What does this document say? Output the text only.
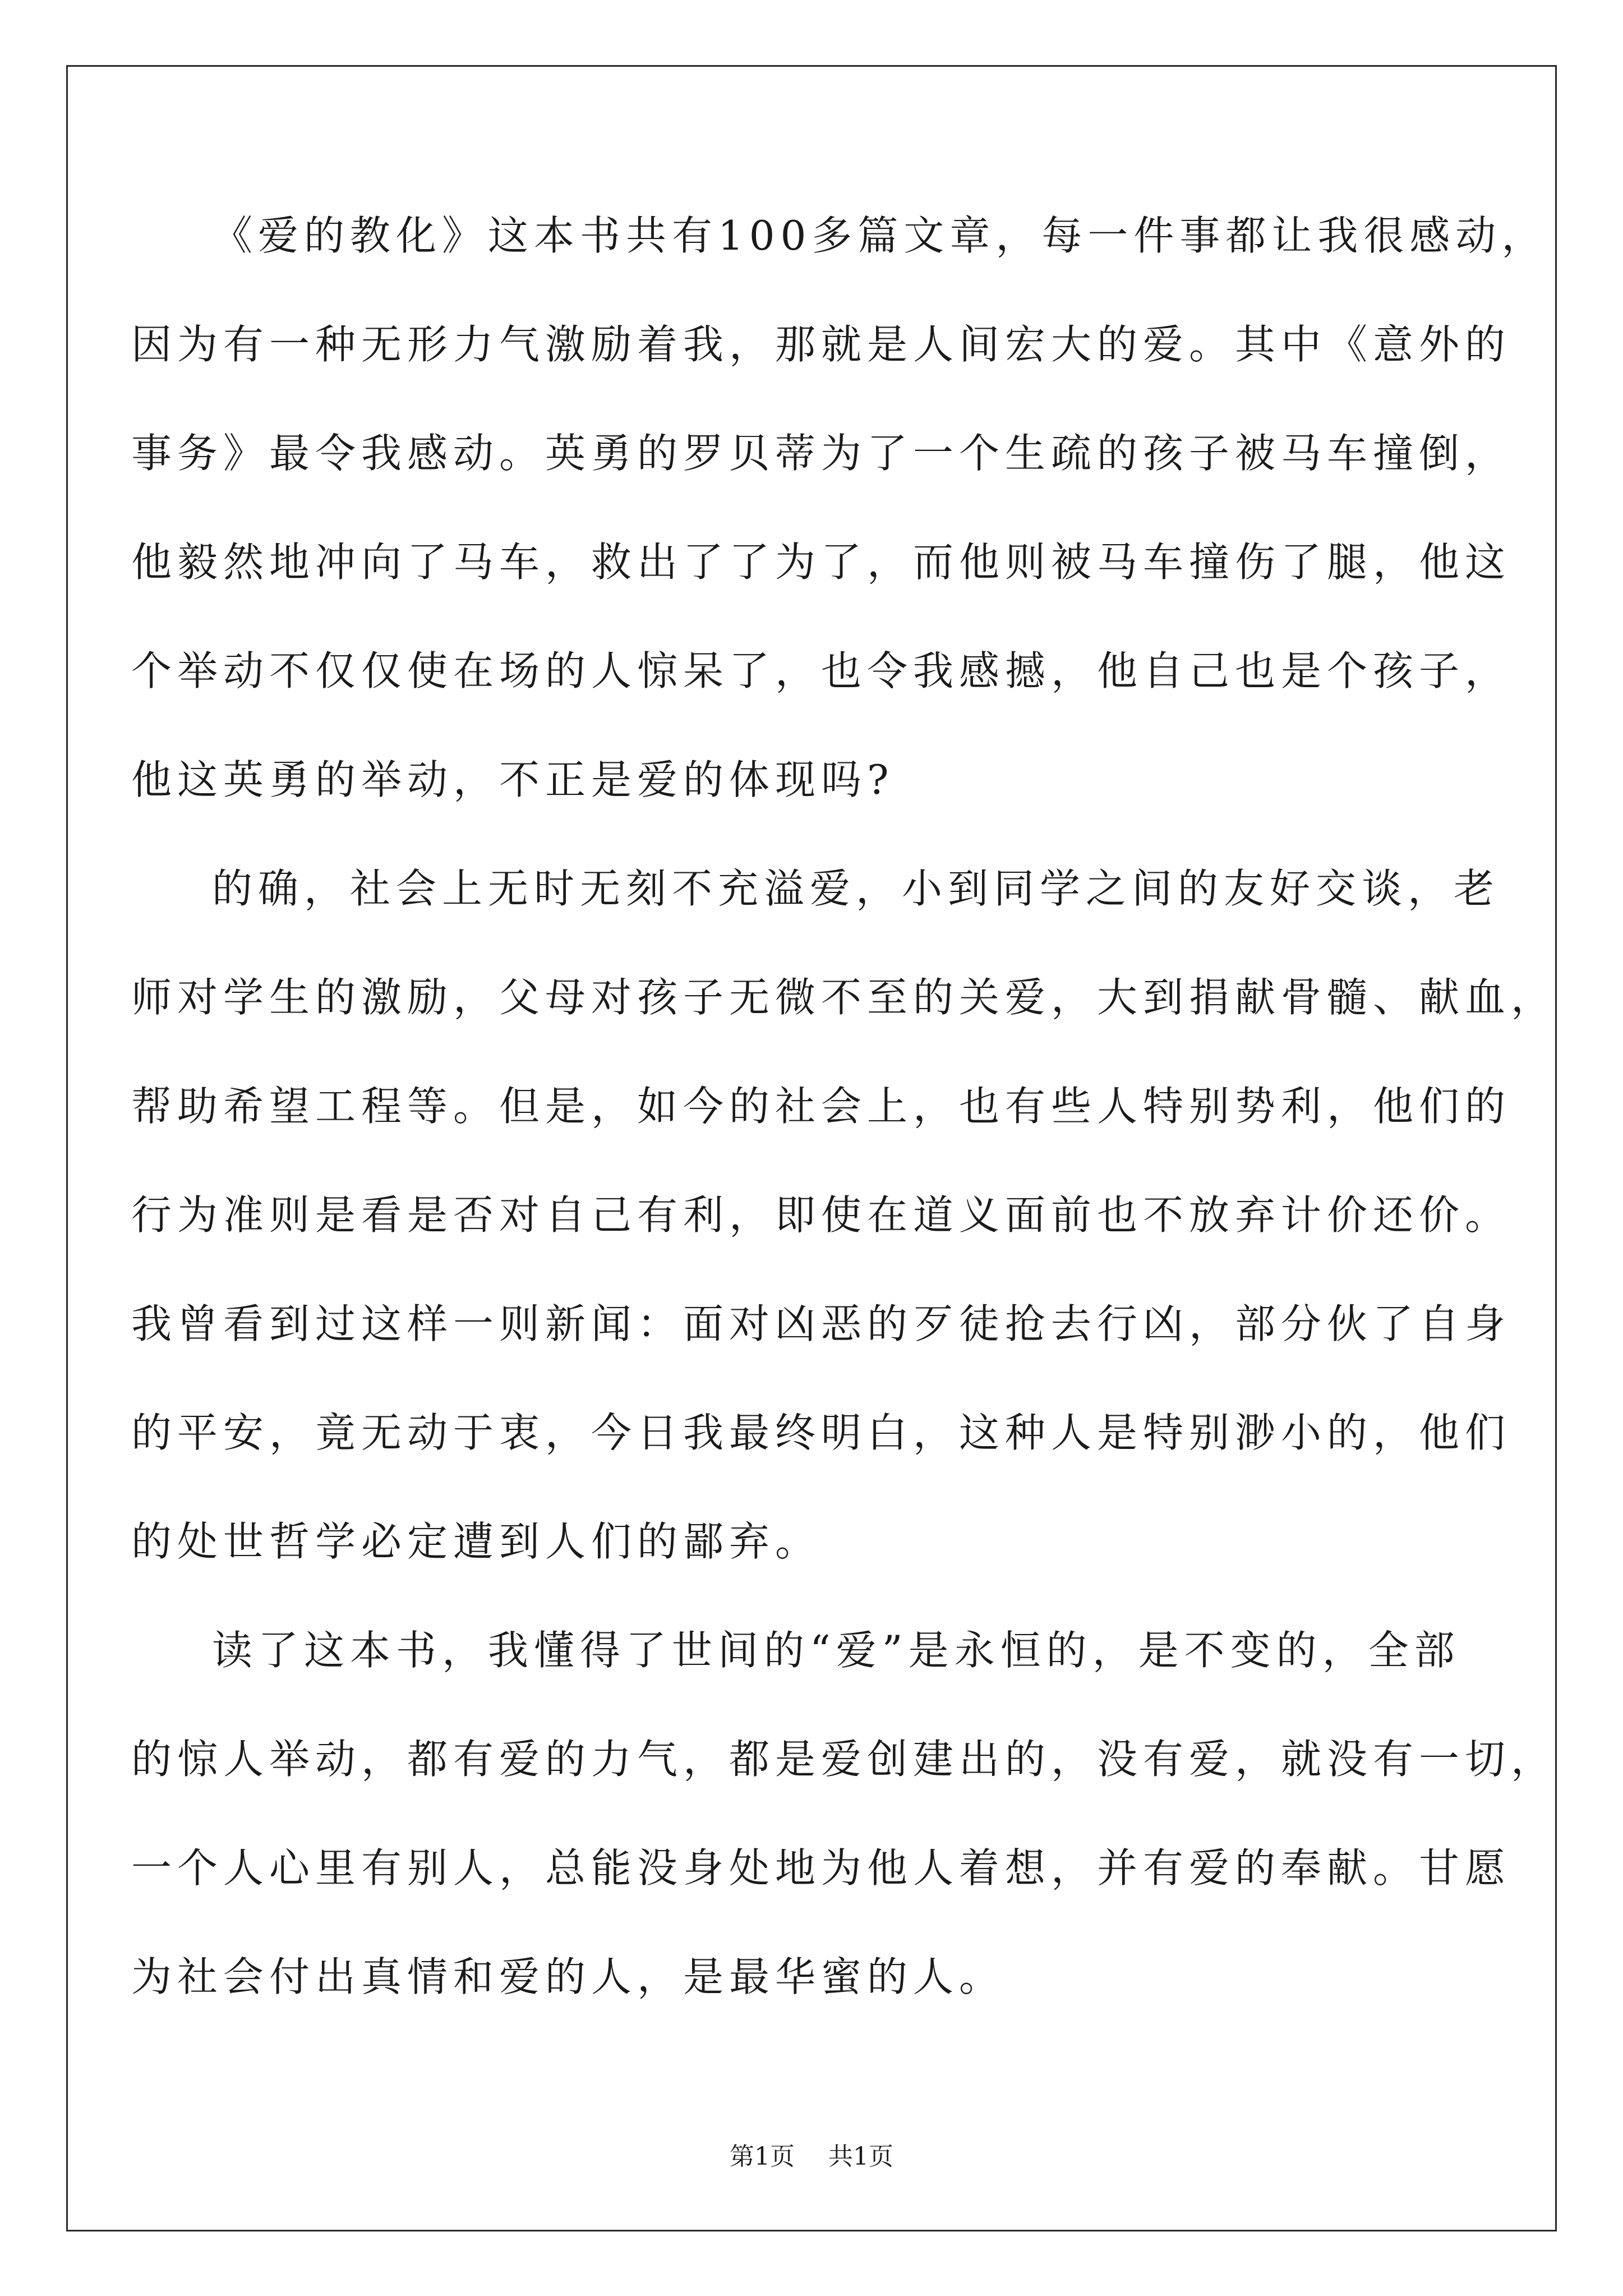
《爱的教化》这本书共有100多篇文章，每一件事都让我很感动，
因为有一种无形力气激励着我，那就是人间宏大的爱。其中《意外的
事务》最令我感动。英勇的罗贝蒂为了一个生疏的孩子被马车撞倒，
他毅然地冲向了马车，救出了了为了，而他则被马车撞伤了腿，他这
个举动不仅仅使在场的人惊呆了，也令我感撼，他自己也是个孩子，
他这英勇的举动，不正是爱的体现吗?
的确，社会上无时无刻不充溢爱，小到同学之间的友好交谈，老
师对学生的激励，父母对孩子无微不至的关爱，大到捐献骨髓、献血，
帮助希望工程等。但是，如今的社会上，也有些人特别势利，他们的
行为准则是看是否对自己有利，即使在道义面前也不放弃计价还价。
我曾看到过这样一则新闻：面对凶恶的歹徒抢去行凶，部分伙了自身
的平安，竟无动于衷，今日我最终明白，这种人是特别渺小的，他们
的处世哲学必定遭到人们的鄙弃。
读了这本书，我懂得了世间的“爱”是永恒的，是不变的，全部
的惊人举动，都有爱的力气，都是爱创建出的，没有爱，就没有一切，
一个人心里有别人，总能没身处地为他人着想，并有爱的奉献。甘愿
为社会付出真情和爱的人，是最华蜜的人。
第1页 共1页
